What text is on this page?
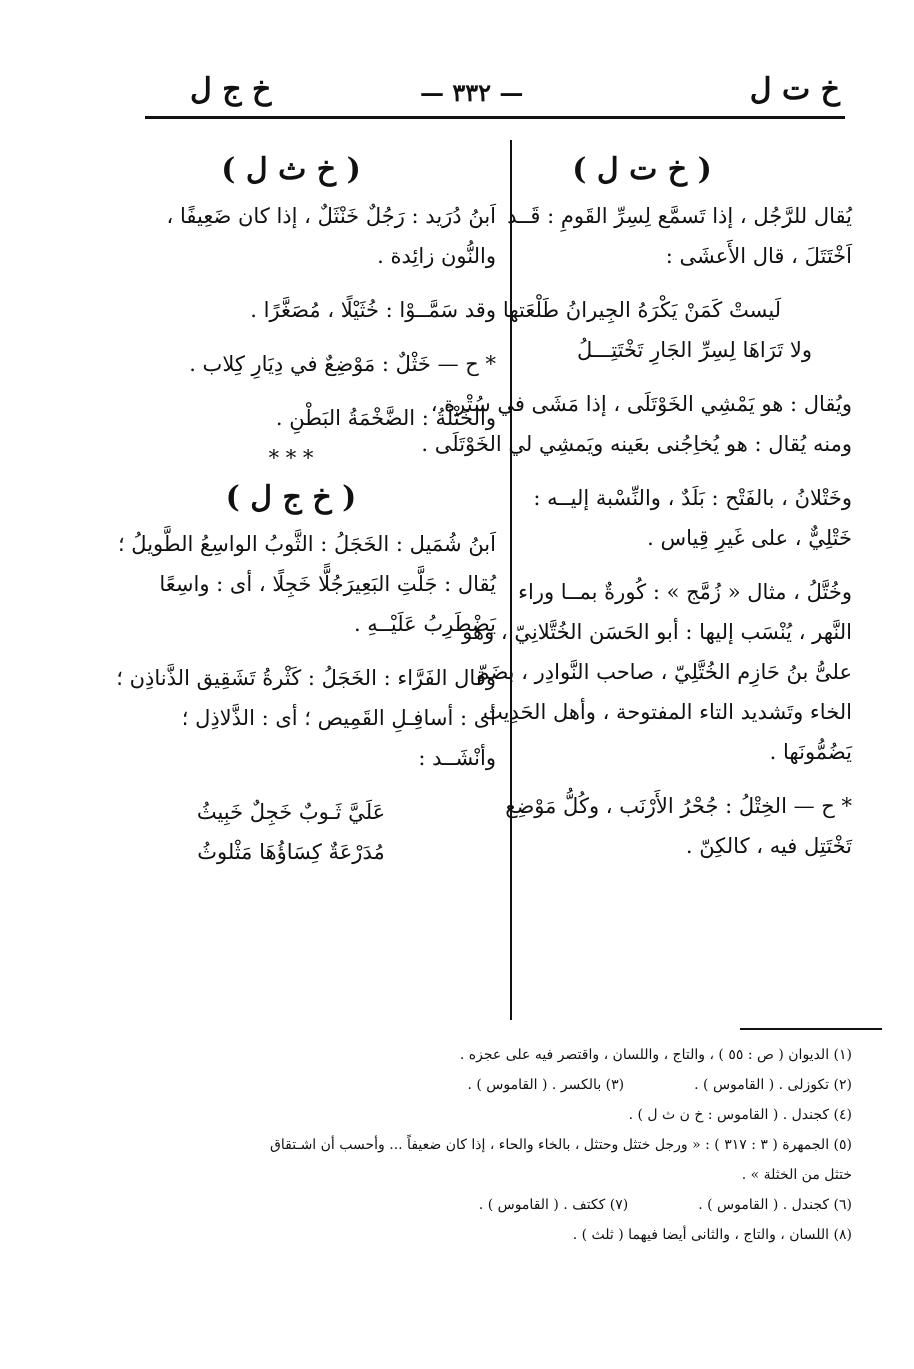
خ ت ل
— ٣٣٢ —
خ ج ل

( خ ت ل )

يُقال للرَّجُل ، إذا تَسمَّع لِسِرِّ القَومِ : قَــد

اَخْتَتَلَ ، قال الأَعشَى :

لَيستْ كَمَنْ يَكْرَهُ الجِيرانُ طَلْعَتها

ولا تَرَاهَا لِسِرِّ الجَارِ تَخْتَتِـــلُ

ويُقال : هو يَمْشِي الخَوْتَلَى ، إذا مَشَى في سُتْرة ،

ومنه يُقال : هو يُخاِجُنى بعَينه ويَمشِي لي الخَوْتَلَى .

وخَتْلانُ ، بالفَتْح : بَلَدٌ ، والنِّسْبة إليــه :

خَتْلِيٌّ ، على غَيرِ قِياس .

وخُتَّلُ ، مثال « زُمَّج » : كُورةٌ بمــا وراء

النَّهر ، يُنْسَب إليها : أبو الحَسَن الخُتَّلانِيّ ، وهو

علىُّ بنُ حَازِم الخُتَّلِيّ ، صاحب النَّوادِر ، بضَمّ

الخاء وتَشديد التاء المفتوحة ، وأهل الحَدِيث

يَضُمُّونَها .

* ح — الخِتْلُ : جُحْرُ الأَرْنَب ، وكُلُّ مَوْضِع

تَخْتَتِل فيه ، كالكِنّ .

( خ ث ل )

اَبنُ دُرَيد : رَجُلٌ خَنْثَلٌ ، إذا كان ضَعِيفًا ،

والنُّون زائِدة .

وقد سَمَّــوْا : خُثَيْلًا ، مُصَغَّرًا .

* ح — خَثْلٌ : مَوْضِعٌ في دِيَارِ كِلاب .

والخَثْلَةُ : الضَّخْمَةُ البَطْنِ .

* * *

( خ ج ل )

اَبنُ شُمَيل : الخَجَلُ : الثَّوبُ الواسِعُ الطَّويلُ ؛

يُقال : جَلَّتِ البَعِيرَجُلًّا خَجِلًا ، أى : واسِعًا

يَضْطَرِبُ عَلَيْــهِ .

وقال الفَرَّاء : الخَجَلُ : كَثْرةُ تَشَقِيق الذَّناذِن ؛

أى : أسافِـلِ القَمِيص ؛ أى : الذَّلاذِل ؛

وأنْشَــد :

عَلَيَّ ثَـوبٌ خَجِلٌ خَبِيثُ

مُدَرْعَةٌ كِسَاؤُهَا مَثْلوثُ

(١) الديوان ( ص : ٥٥ ) ، والتاج ، واللسان ، واقتصر فيه على عجزه .

(٢) تكوزلى . ( القاموس ) .(٣) بالكسر . ( القاموس ) .

(٤) كجندل . ( القاموس : خ ن ث ل ) .

(٥) الجمهرة ( ٣ : ٣١٧ ) : « ورجل ختثل وحتثل ، بالخاء والحاء ، إذا كان ضعيفاً ... وأحسب أن اشـتقاق

ختثل من الخثلة » .

(٦) كجندل . ( القاموس ) .(٧) ككتف . ( القاموس ) .

(٨) اللسان ، والتاج ، والثانى أيضا فيهما ( ثلث ) .
